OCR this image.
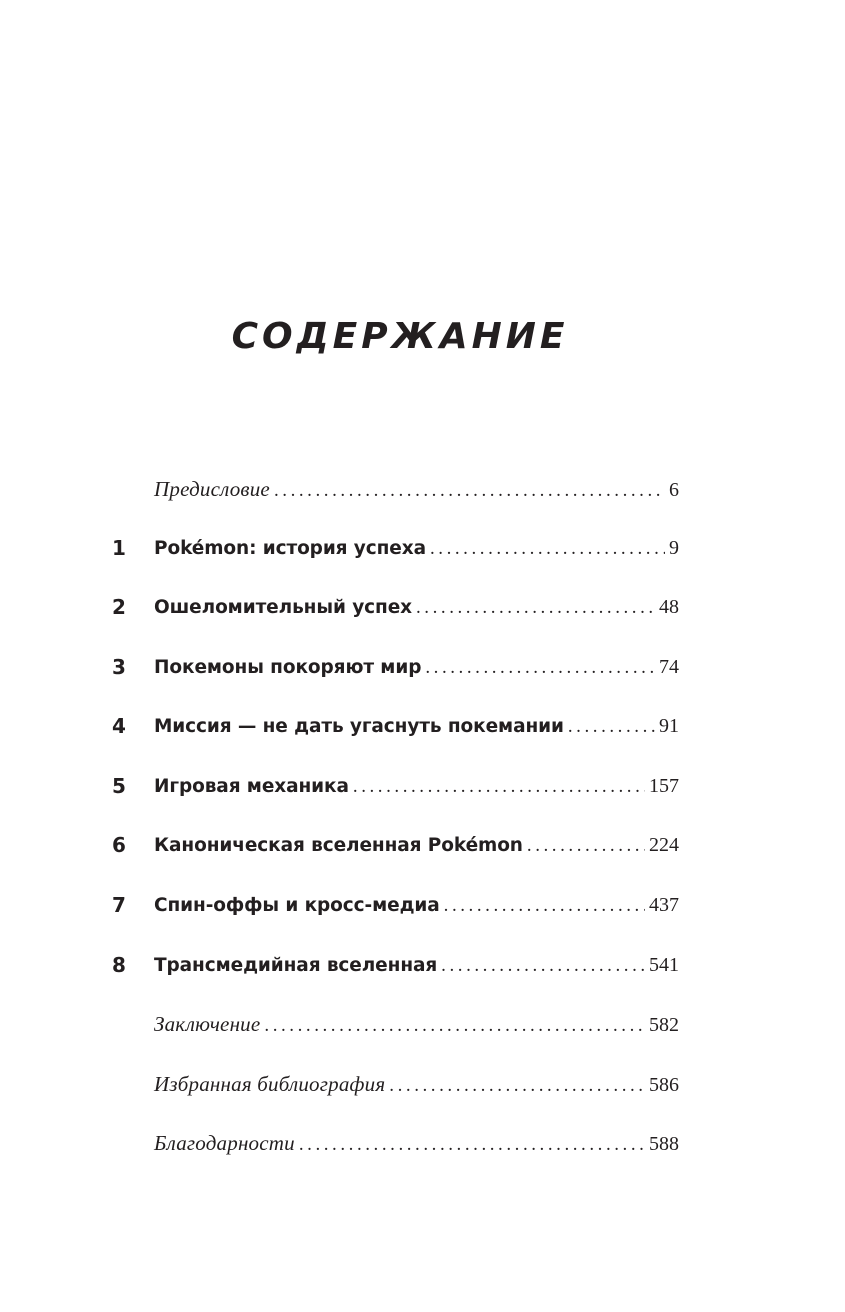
СОДЕРЖАНИЕ
Предисловие . . .	6
1	Pokémon: история успеха . . .	9
2	Ошеломительный успех . . .	48
3	Покемоны покоряют мир . . .	74
4	Миссия — не дать угаснуть покемании . . .	91
5	Игровая механика . . .	157
6	Каноническая вселенная Pokémon . . .	224
7	Спин-оффы и кросс-медиа . . .	437
8	Трансмедийная вселенная . . .	541
Заключение . . .	582
Избранная библиография . . .	586
Благодарности . . .	588
